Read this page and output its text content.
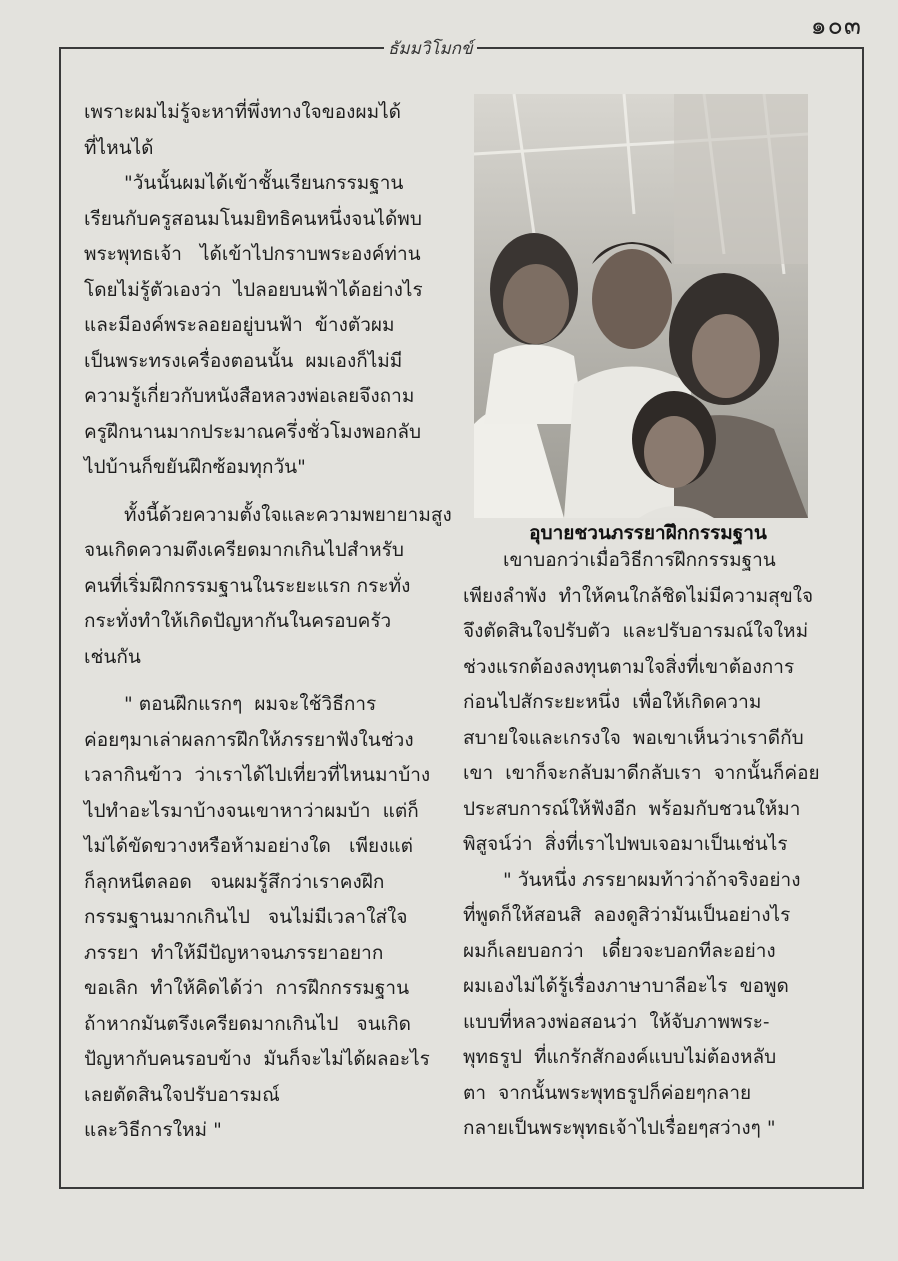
๑๐๓
ธัมมวิโมกข์

เพราะผมไม่รู้จะหาที่พึ่งทางใจของผมได้

ที่ไหนได้

"วันนั้นผมได้เข้าชั้นเรียนกรรมฐาน

เรียนกับครูสอนมโนมยิทธิคนหนึ่งจนได้พบ

พระพุทธเจ้า   ได้เข้าไปกราบพระองค์ท่าน

โดยไม่รู้ตัวเองว่า  ไปลอยบนฟ้าได้อย่างไร

และมีองค์พระลอยอยู่บนฟ้า  ข้างตัวผม

เป็นพระทรงเครื่องตอนนั้น  ผมเองก็ไม่มี

ความรู้เกี่ยวกับหนังสือหลวงพ่อเลยจึงถาม

ครูฝึกนานมากประมาณครึ่งชั่วโมงพอกลับ

ไปบ้านก็ขยันฝึกซ้อมทุกวัน"

ทั้งนี้ด้วยความตั้งใจและความพยายามสูง

จนเกิดความตึงเครียดมากเกินไปสำหรับ

คนที่เริ่มฝึกกรรมฐานในระยะแรก กระทั่ง

กระทั่งทำให้เกิดปัญหากันในครอบครัว

เช่นกัน

" ตอนฝึกแรกๆ  ผมจะใช้วิธีการ

ค่อยๆมาเล่าผลการฝึกให้ภรรยาฟังในช่วง

เวลากินข้าว  ว่าเราได้ไปเที่ยวที่ไหนมาบ้าง

ไปทำอะไรมาบ้างจนเขาหาว่าผมบ้า  แต่ก็

ไม่ได้ขัดขวางหรือห้ามอย่างใด   เพียงแต่

ก็ลุกหนีตลอด   จนผมรู้สึกว่าเราคงฝึก

กรรมฐานมากเกินไป   จนไม่มีเวลาใส่ใจ

ภรรยา  ทำให้มีปัญหาจนภรรยาอยาก

ขอเลิก  ทำให้คิดได้ว่า  การฝึกกรรมฐาน

ถ้าหากมันตรึงเครียดมากเกินไป   จนเกิด

ปัญหากับคนรอบข้าง  มันก็จะไม่ได้ผลอะไร

เลยตัดสินใจปรับอารมณ์

และวิธีการใหม่ "

อุบายชวนภรรยาฝึกกรรมฐาน

เขาบอกว่าเมื่อวิธีการฝึกกรรมฐาน

เพียงลำพัง  ทำให้คนใกล้ชิดไม่มีความสุขใจ

จึงตัดสินใจปรับตัว  และปรับอารมณ์ใจใหม่

ช่วงแรกต้องลงทุนตามใจสิ่งที่เขาต้องการ

ก่อนไปสักระยะหนึ่ง  เพื่อให้เกิดความ

สบายใจและเกรงใจ  พอเขาเห็นว่าเราดีกับ

เขา  เขาก็จะกลับมาดีกลับเรา  จากนั้นก็ค่อย

ประสบการณ์ให้ฟังอีก  พร้อมกับชวนให้มา

พิสูจน์ว่า  สิ่งที่เราไปพบเจอมาเป็นเช่นไร

" วันหนึ่ง ภรรยาผมท้าว่าถ้าจริงอย่าง

ที่พูดก็ให้สอนสิ  ลองดูสิว่ามันเป็นอย่างไร

ผมก็เลยบอกว่า   เดี๋ยวจะบอกทีละอย่าง

ผมเองไม่ได้รู้เรื่องภาษาบาลีอะไร  ขอพูด

แบบที่หลวงพ่อสอนว่า  ให้จับภาพพระ-

พุทธรูป  ที่แกรักสักองค์แบบไม่ต้องหลับ

ตา  จากนั้นพระพุทธรูปก็ค่อยๆกลาย

กลายเป็นพระพุทธเจ้าไปเรื่อยๆสว่างๆ "
